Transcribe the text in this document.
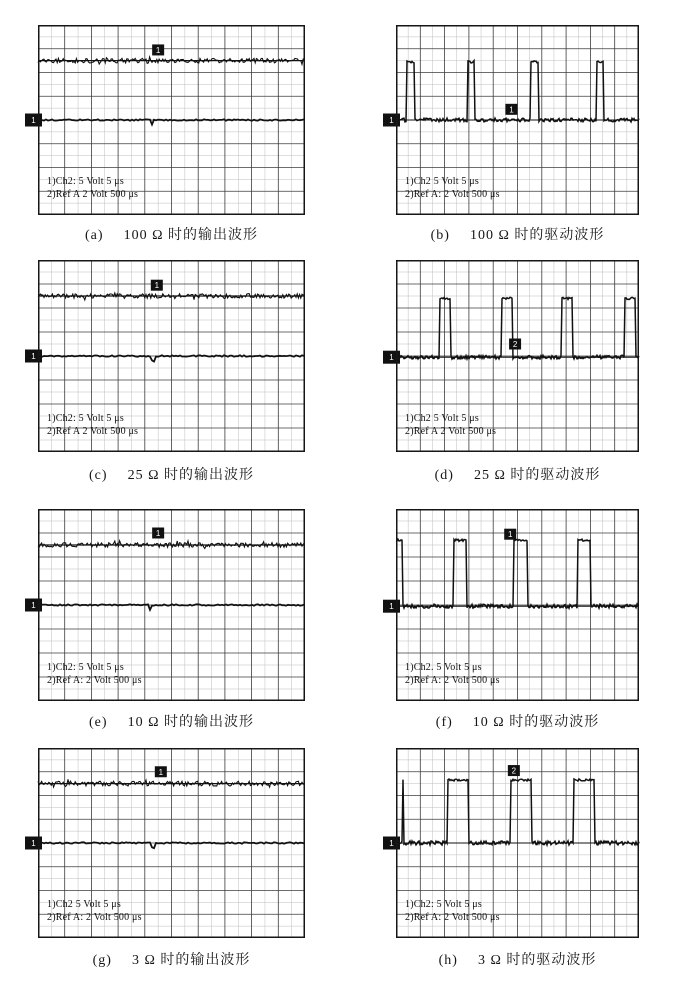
1
1
1)Ch2: 5 Volt 5 μs
2)Ref A 2 Volt 500 μs
(a) 100 Ω 时的输出波形
1
1
1)Ch2 5 Volt 5 μs
2)Ref A: 2 Volt 500 μs
(b) 100 Ω 时的驱动波形
1
1
1)Ch2: 5 Volt 5 μs
2)Ref A 2 Volt 500 μs
(c) 25 Ω 时的输出波形
2
1
1)Ch2 5 Volt 5 μs
2)Ref A 2 Volt 500 μs
(d) 25 Ω 时的驱动波形
1
1
1)Ch2: 5 Volt 5 μs
2)Ref A: 2 Volt 500 μs
(e) 10 Ω 时的输出波形
1
1
1)Ch2. 5 Volt 5 μs
2)Ref A: 2 Volt 500 μs
(f) 10 Ω 时的驱动波形
1
1
1)Ch2 5 Volt 5 μs
2)Ref A: 2 Volt 500 μs
(g) 3 Ω 时的输出波形
2
1
1)Ch2: 5 Volt 5 μs
2)Ref A: 2 Volt 500 μs
(h) 3 Ω 时的驱动波形
